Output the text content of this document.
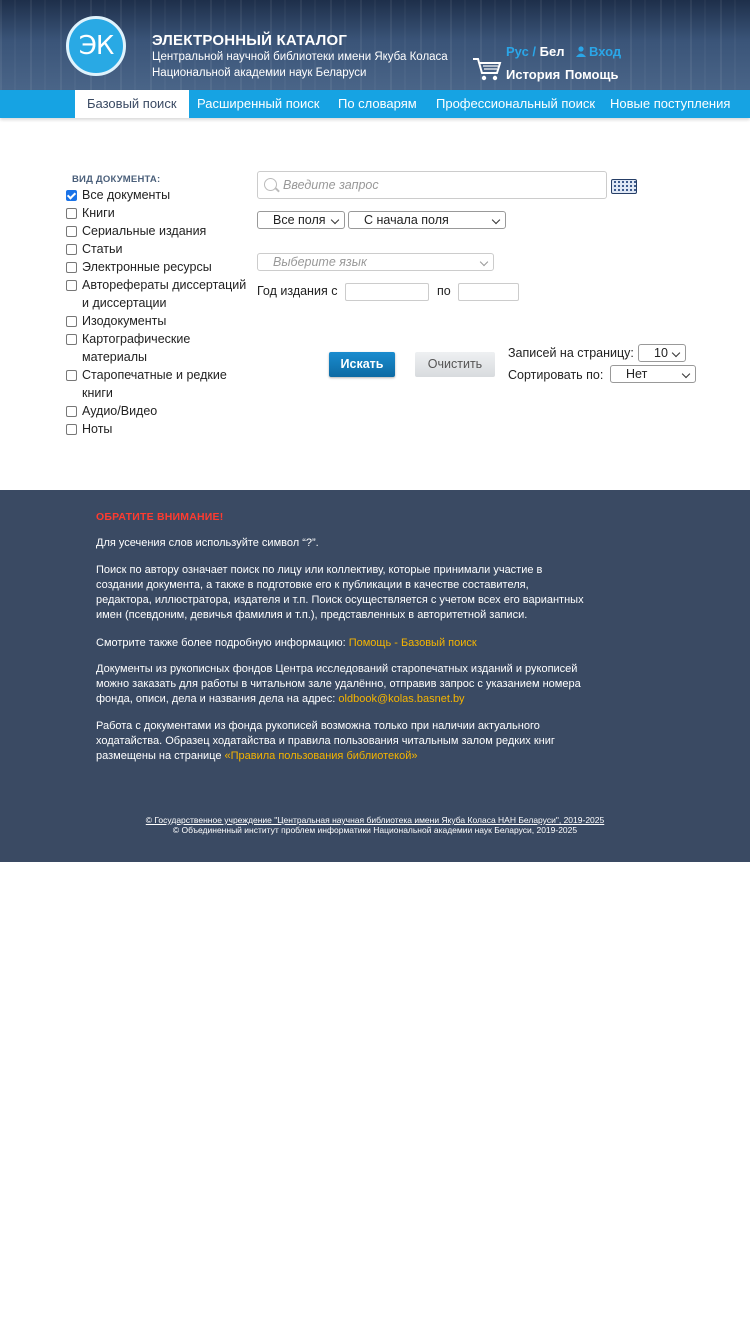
ЭК	ЭЛЕКТРОННЫЙ КАТАЛОГ
Центральной научной библиотеки имени Якуба Коласа
Национальной академии наук Беларуси
Рус / Бел Вход
История Помощь
Базовый поиск	Расширенный поиск По словарям Профессиональный поиск Новые поступления
ВИД ДОКУМЕНТА:
Все документы
Книги
Сериальные издания
Статьи
Электронные ресурсы
Авторефераты диссертаций
и диссертации
Изодокументы
Картографические
материалы
Старопечатные и редкие
книги
Аудио/Видео
Ноты
Введите запрос
Все поля	С начала поля
Выберите язык
Год издания с	по
Искать	Очистить
Записей на страницу:	10
Сортировать по:	Нет
ОБРАТИТЕ ВНИМАНИЕ!
Для усечения слов используйте символ “?”.
Поиск по автору означает поиск по лицу или коллективу, которые принимали участие в создании документа, а также в подготовке его к публикации в качестве составителя, редактора, иллюстратора, издателя и т.п. Поиск осуществляется с учетом всех его вариантных имен (псевдоним, девичья фамилия и т.п.), представленных в авторитетной записи.
Смотрите также более подробную информацию: Помощь - Базовый поиск
Документы из рукописных фондов Центра исследований старопечатных изданий и рукописей можно заказать для работы в читальном зале удалённо, отправив запрос с указанием номера фонда, описи, дела и названия дела на адрес: oldbook@kolas.basnet.by
Работа с документами из фонда рукописей возможна только при наличии актуального ходатайства. Образец ходатайства и правила пользования читальным залом редких книг размещены на странице «Правила пользования библиотекой»
© Государственное учреждение "Центральная научная библиотека имени Якуба Коласа НАН Беларуси", 2019-2025
© Объединенный институт проблем информатики Национальной академии наук Беларуси, 2019-2025
